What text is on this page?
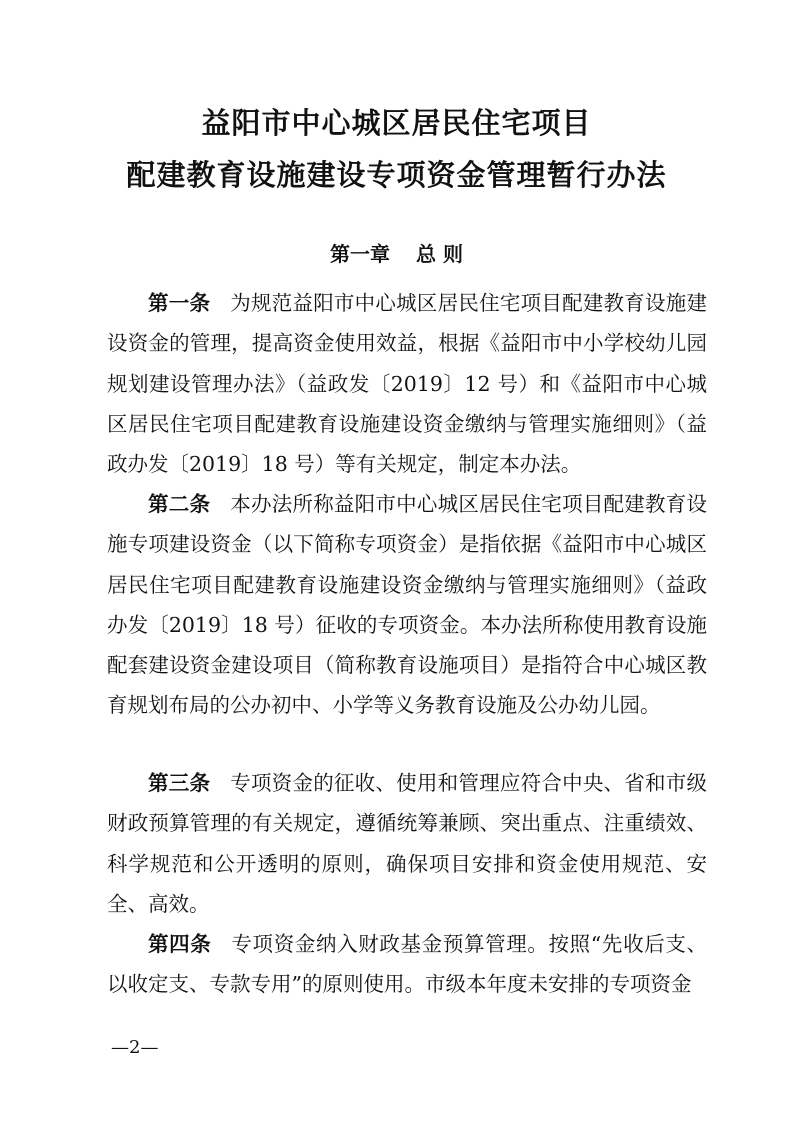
益阳市中心城区居民住宅项目
配建教育设施建设专项资金管理暂行办法
第一章 总 则

第一条 为规范益阳市中心城区居民住宅项目配建教育设施建设资金的管理，提高资金使用效益，根据《益阳市中小学校幼儿园规划建设管理办法》（益政发〔2019〕12 号）和《益阳市中心城区居民住宅项目配建教育设施建设资金缴纳与管理实施细则》（益政办发〔2019〕18 号）等有关规定，制定本办法。

第二条 本办法所称益阳市中心城区居民住宅项目配建教育设施专项建设资金（以下简称专项资金）是指依据《益阳市中心城区居民住宅项目配建教育设施建设资金缴纳与管理实施细则》（益政办发〔2019〕18 号）征收的专项资金。本办法所称使用教育设施配套建设资金建设项目（简称教育设施项目）是指符合中心城区教育规划布局的公办初中、小学等义务教育设施及公办幼儿园。

第三条 专项资金的征收、使用和管理应符合中央、省和市级财政预算管理的有关规定，遵循统筹兼顾、突出重点、注重绩效、科学规范和公开透明的原则，确保项目安排和资金使用规范、安全、高效。

第四条 专项资金纳入财政基金预算管理。按照“先收后支、以收定支、专款专用”的原则使用。市级本年度未安排的专项资金

—2—
